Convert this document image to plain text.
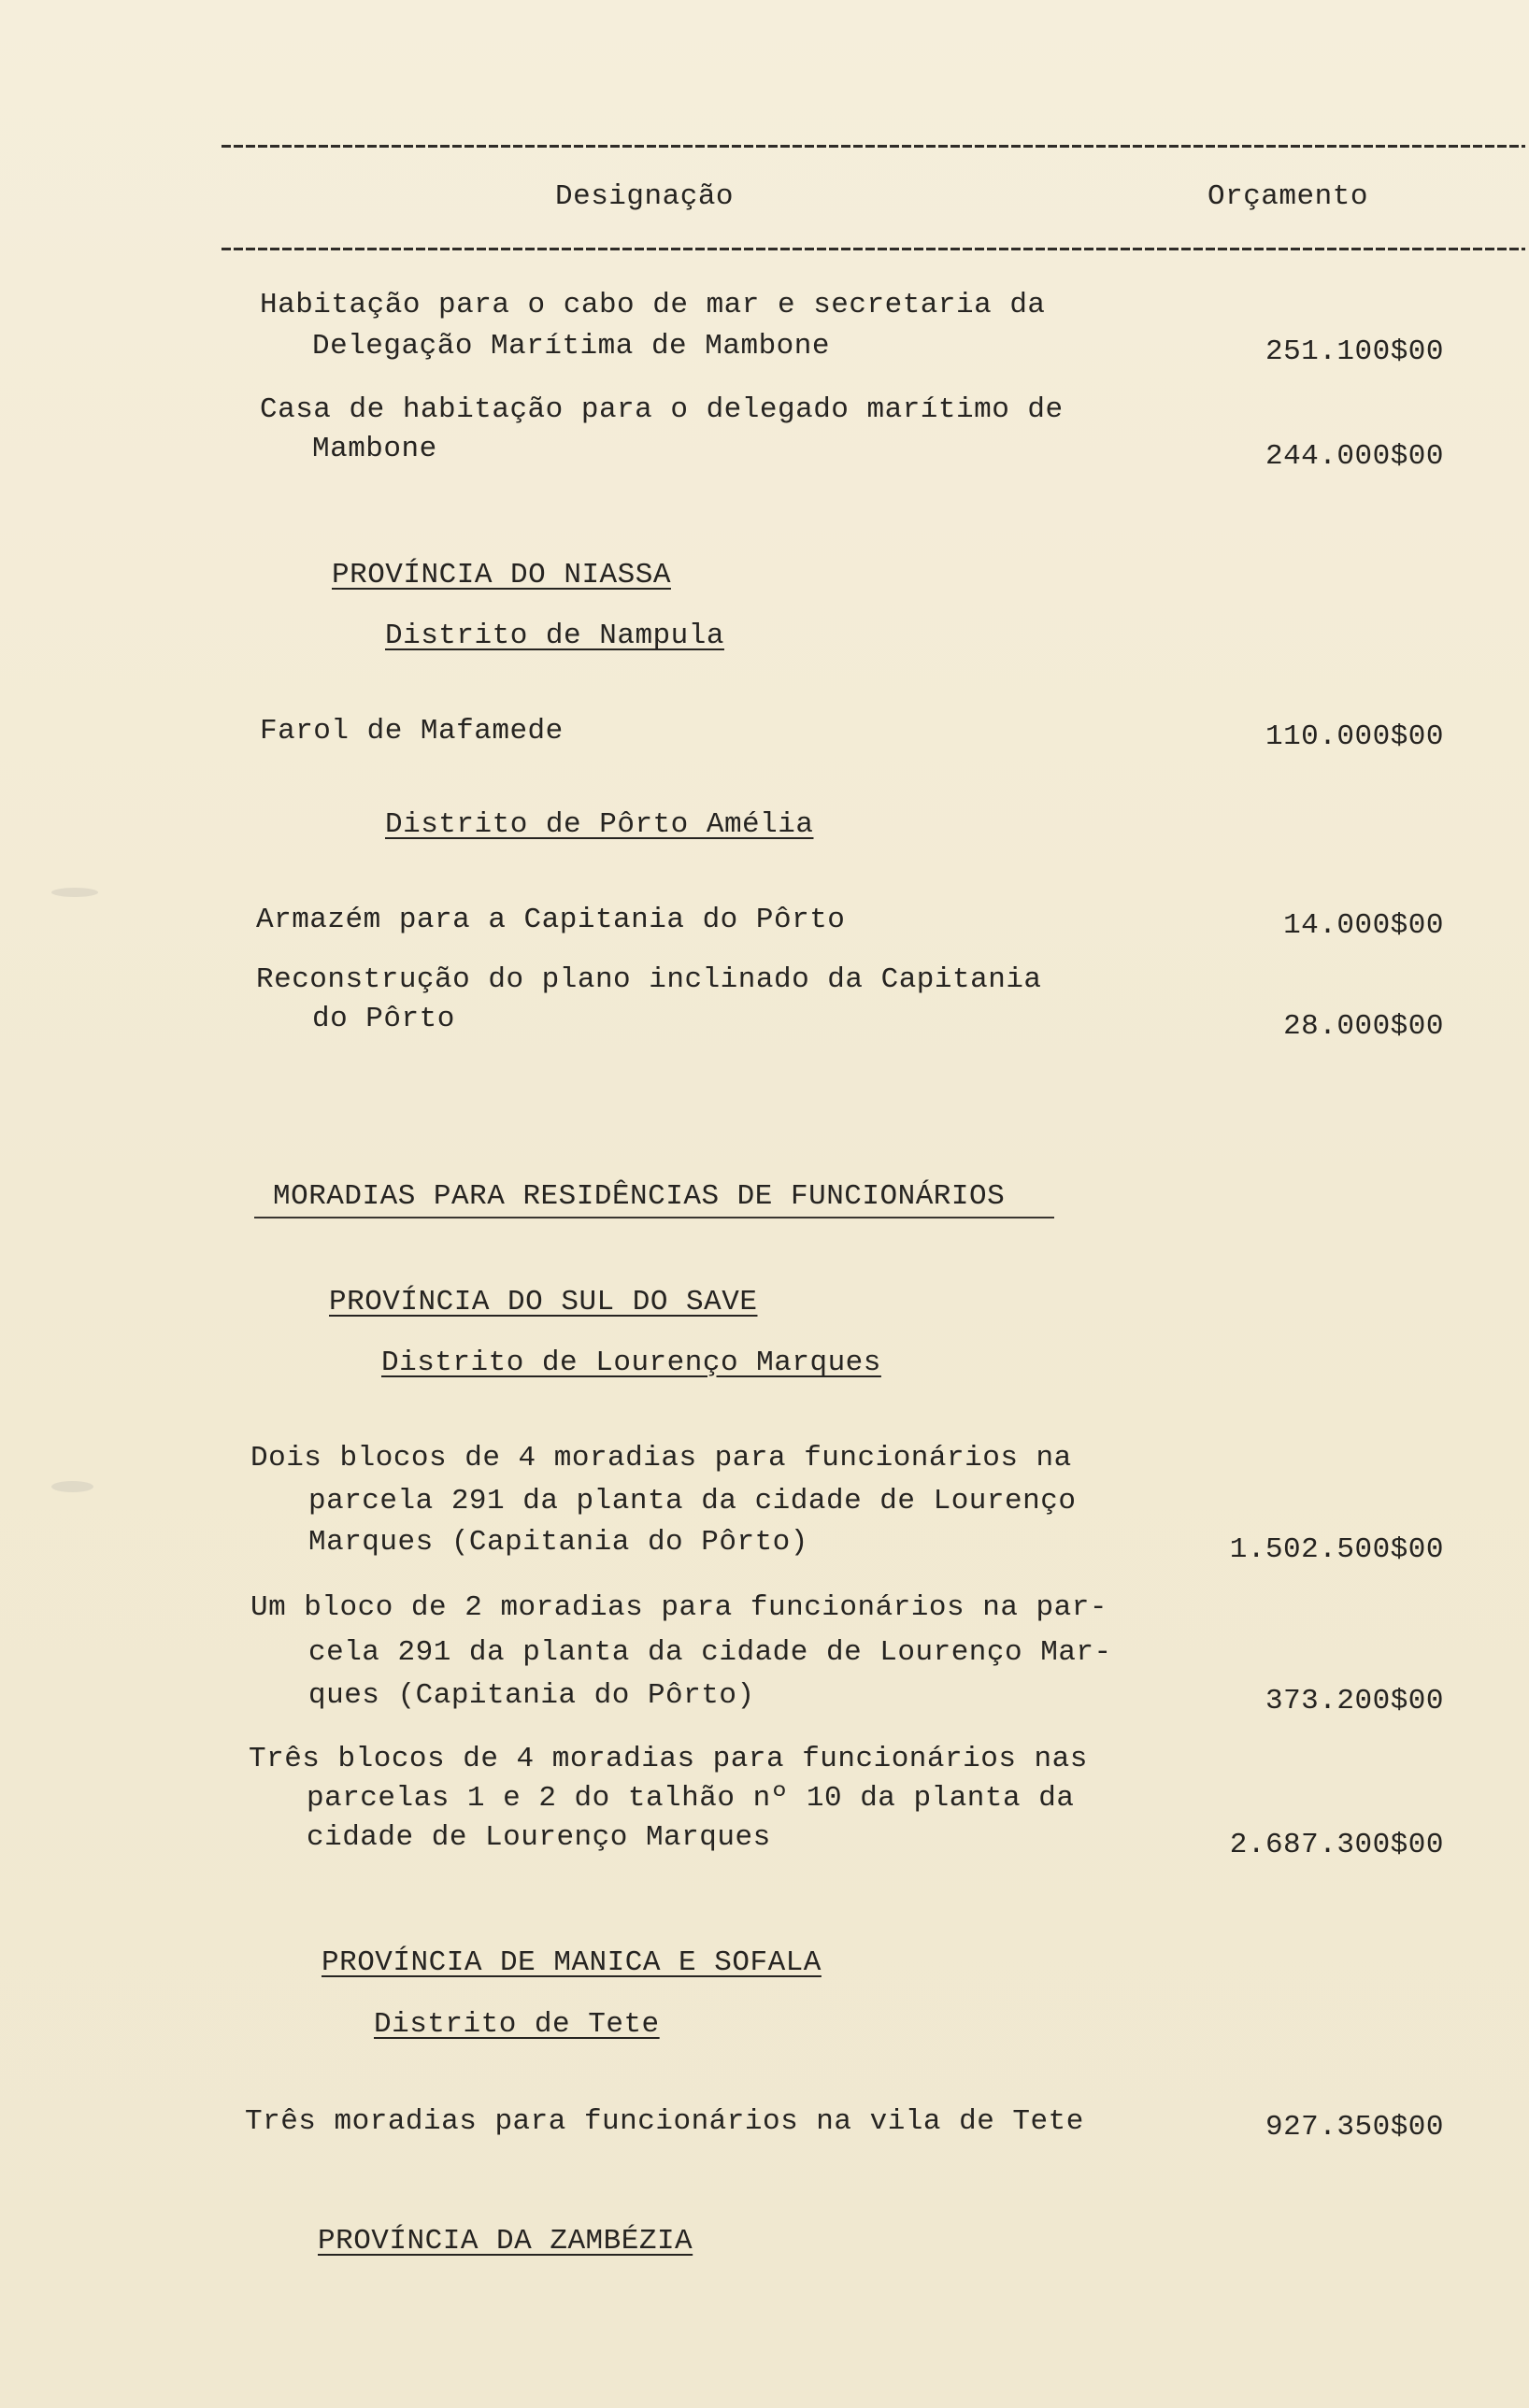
Designação	Orçamento
Habitação para o cabo de mar e secretaria da
Delegação Marítima de Mambone	251.100$00
Casa de habitação para o delegado marítimo de
Mambone	244.000$00
PROVÍNCIA DO NIASSA
Distrito de Nampula
Farol de Mafamede	110.000$00
Distrito de Pôrto Amélia
Armazém para a Capitania do Pôrto	14.000$00
Reconstrução do plano inclinado da Capitania
do Pôrto	28.000$00
MORADIAS PARA RESIDÊNCIAS DE FUNCIONÁRIOS
PROVÍNCIA DO SUL DO SAVE
Distrito de Lourenço Marques
Dois blocos de 4 moradias para funcionários na
parcela 291 da planta da cidade de Lourenço
Marques (Capitania do Pôrto)	1.502.500$00
Um bloco de 2 moradias para funcionários na par-
cela 291 da planta da cidade de Lourenço Mar-
ques (Capitania do Pôrto)	373.200$00
Três blocos de 4 moradias para funcionários nas
parcelas 1 e 2 do talhão nº 10 da planta da
cidade de Lourenço Marques	2.687.300$00
PROVÍNCIA DE MANICA E SOFALA
Distrito de Tete
Três moradias para funcionários na vila de Tete	927.350$00
PROVÍNCIA DA ZAMBÉZIA
